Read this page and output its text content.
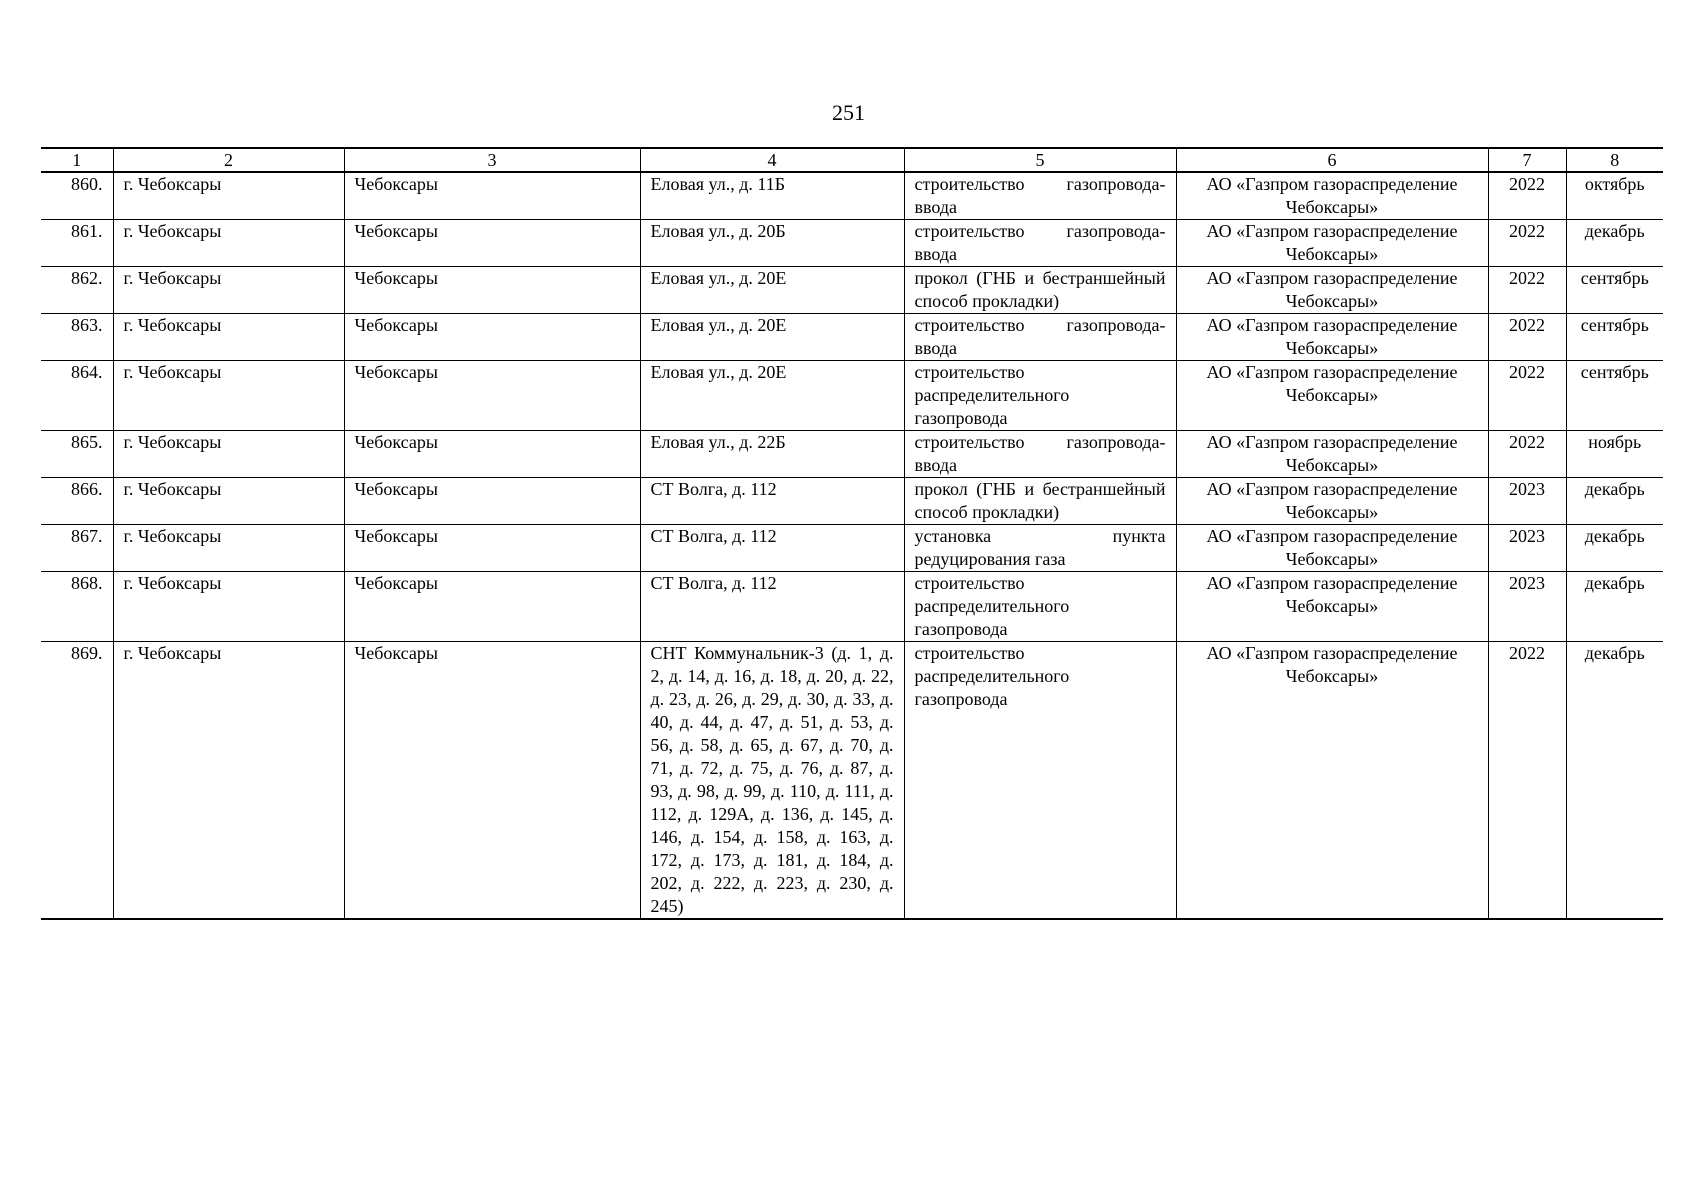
251
1	2	3	4	5	6	7	8
860.	г. Чебоксары	Чебоксары	Еловая ул., д. 11Б	строительство газопровода-ввода	АО «Газпром газораспределение Чебоксары»	2022	октябрь
861.	г. Чебоксары	Чебоксары	Еловая ул., д. 20Б	строительство газопровода-ввода	АО «Газпром газораспределение Чебоксары»	2022	декабрь
862.	г. Чебоксары	Чебоксары	Еловая ул., д. 20Е	прокол (ГНБ и бестраншейный способ прокладки)	АО «Газпром газораспределение Чебоксары»	2022	сентябрь
863.	г. Чебоксары	Чебоксары	Еловая ул., д. 20Е	строительство газопровода-ввода	АО «Газпром газораспределение Чебоксары»	2022	сентябрь
864.	г. Чебоксары	Чебоксары	Еловая ул., д. 20Е	строительство распределительного газопровода	АО «Газпром газораспределение Чебоксары»	2022	сентябрь
865.	г. Чебоксары	Чебоксары	Еловая ул., д. 22Б	строительство газопровода-ввода	АО «Газпром газораспределение Чебоксары»	2022	ноябрь
866.	г. Чебоксары	Чебоксары	СТ Волга, д. 112	прокол (ГНБ и бестраншейный способ прокладки)	АО «Газпром газораспределение Чебоксары»	2023	декабрь
867.	г. Чебоксары	Чебоксары	СТ Волга, д. 112	установка пункта редуцирования газа	АО «Газпром газораспределение Чебоксары»	2023	декабрь
868.	г. Чебоксары	Чебоксары	СТ Волга, д. 112	строительство распределительного газопровода	АО «Газпром газораспределение Чебоксары»	2023	декабрь
869.	г. Чебоксары	Чебоксары	СНТ Коммунальник-3 (д. 1, д. 2, д. 14, д. 16, д. 18, д. 20, д. 22, д. 23, д. 26, д. 29, д. 30, д. 33, д. 40, д. 44, д. 47, д. 51, д. 53, д. 56, д. 58, д. 65, д. 67, д. 70, д. 71, д. 72, д. 75, д. 76, д. 87, д. 93, д. 98, д. 99, д. 110, д. 111, д. 112, д. 129А, д. 136, д. 145, д. 146, д. 154, д. 158, д. 163, д. 172, д. 173, д. 181, д. 184, д. 202, д. 222, д. 223, д. 230, д. 245)	строительство распределительного газопровода	АО «Газпром газораспределение Чебоксары»	2022	декабрь
